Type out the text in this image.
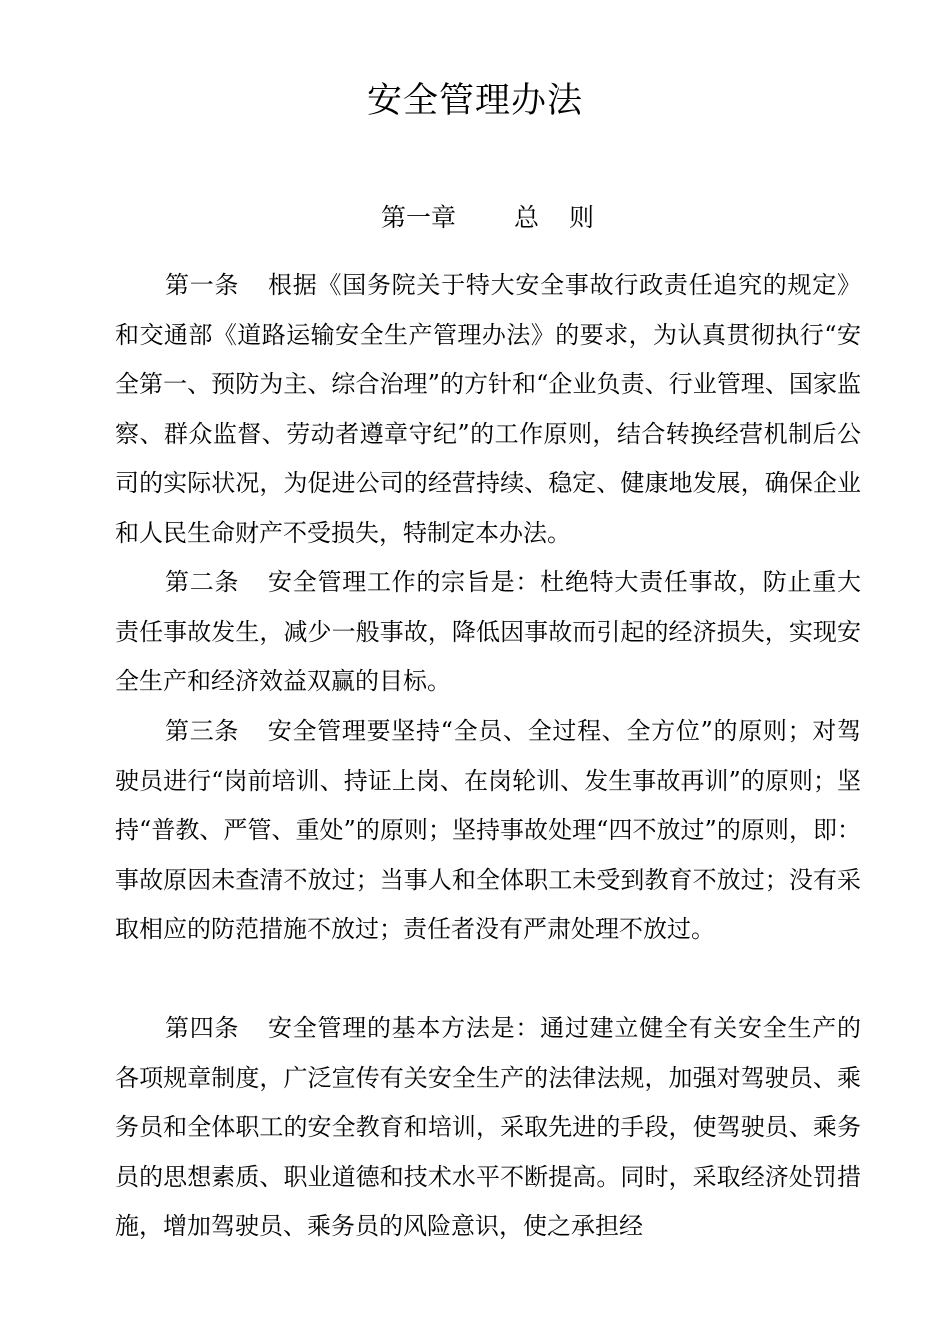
安全管理办法
第一章 总 则

第一条 根据《国务院关于特大安全事故行政责任追究的规定》和交通部《道路运输安全生产管理办法》的要求，为认真贯彻执行“安全第一、预防为主、综合治理”的方针和“企业负责、行业管理、国家监察、群众监督、劳动者遵章守纪”的工作原则，结合转换经营机制后公司的实际状况，为促进公司的经营持续、稳定、健康地发展，确保企业和人民生命财产不受损失，特制定本办法。

第二条 安全管理工作的宗旨是：杜绝特大责任事故，防止重大责任事故发生，减少一般事故，降低因事故而引起的经济损失，实现安全生产和经济效益双赢的目标。

第三条 安全管理要坚持“全员、全过程、全方位”的原则；对驾驶员进行“岗前培训、持证上岗、在岗轮训、发生事故再训”的原则；坚持“普教、严管、重处”的原则；坚持事故处理“四不放过”的原则，即：事故原因未查清不放过；当事人和全体职工未受到教育不放过；没有采取相应的防范措施不放过；责任者没有严肃处理不放过。

第四条 安全管理的基本方法是：通过建立健全有关安全生产的各项规章制度，广泛宣传有关安全生产的法律法规，加强对驾驶员、乘务员和全体职工的安全教育和培训，采取先进的手段，使驾驶员、乘务员的思想素质、职业道德和技术水平不断提高。同时，采取经济处罚措施，增加驾驶员、乘务员的风险意识，使之承担经
